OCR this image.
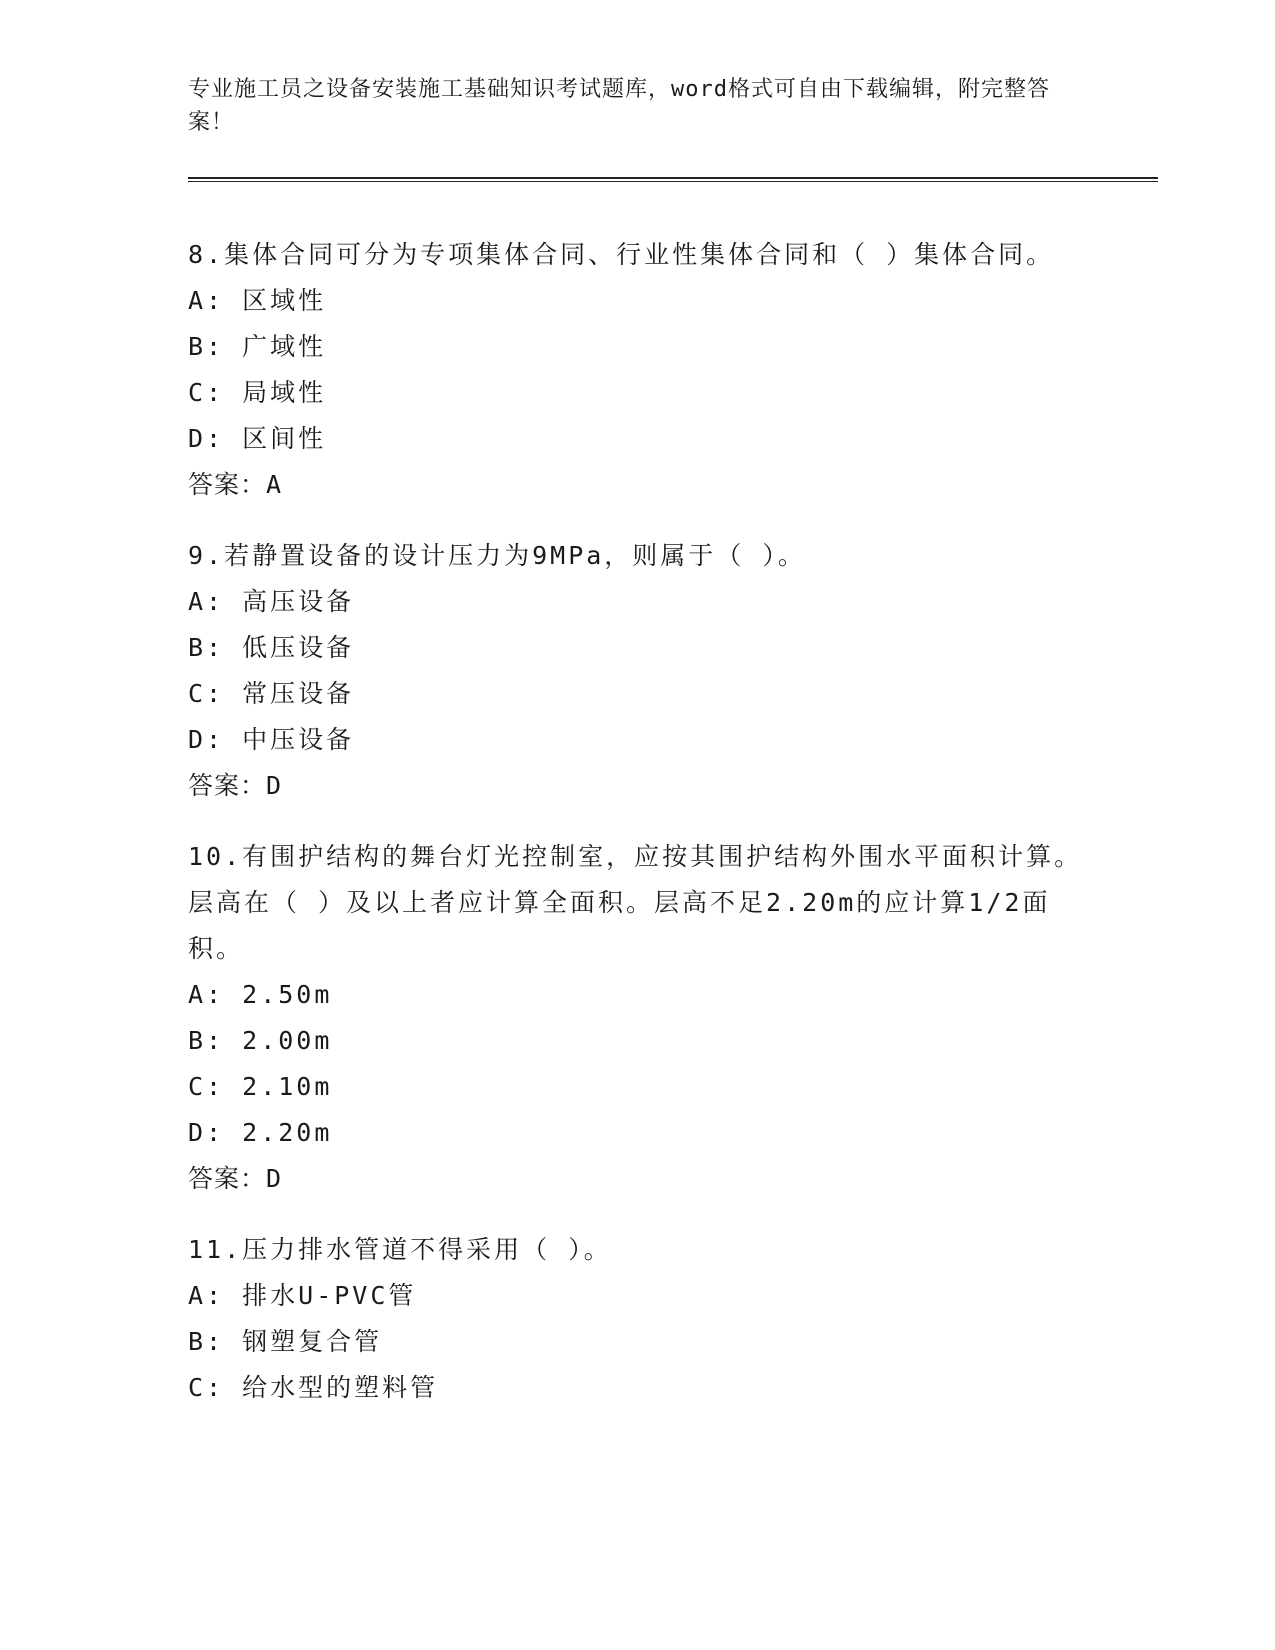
专业施工员之设备安装施工基础知识考试题库，word格式可自由下载编辑，附完整答案！
8.集体合同可分为专项集体合同、行业性集体合同和（ ）集体合同。
A: 区域性
B: 广域性
C: 局域性
D: 区间性
答案：A
9.若静置设备的设计压力为9MPa，则属于（ ）。
A: 高压设备
B: 低压设备
C: 常压设备
D: 中压设备
答案：D
10.有围护结构的舞台灯光控制室，应按其围护结构外围水平面积计算。层高在（ ）及以上者应计算全面积。层高不足2.20m的应计算1/2面积。
A: 2.50m
B: 2.00m
C: 2.10m
D: 2.20m
答案：D
11.压力排水管道不得采用（ ）。
A: 排水U-PVC管
B: 钢塑复合管
C: 给水型的塑料管
